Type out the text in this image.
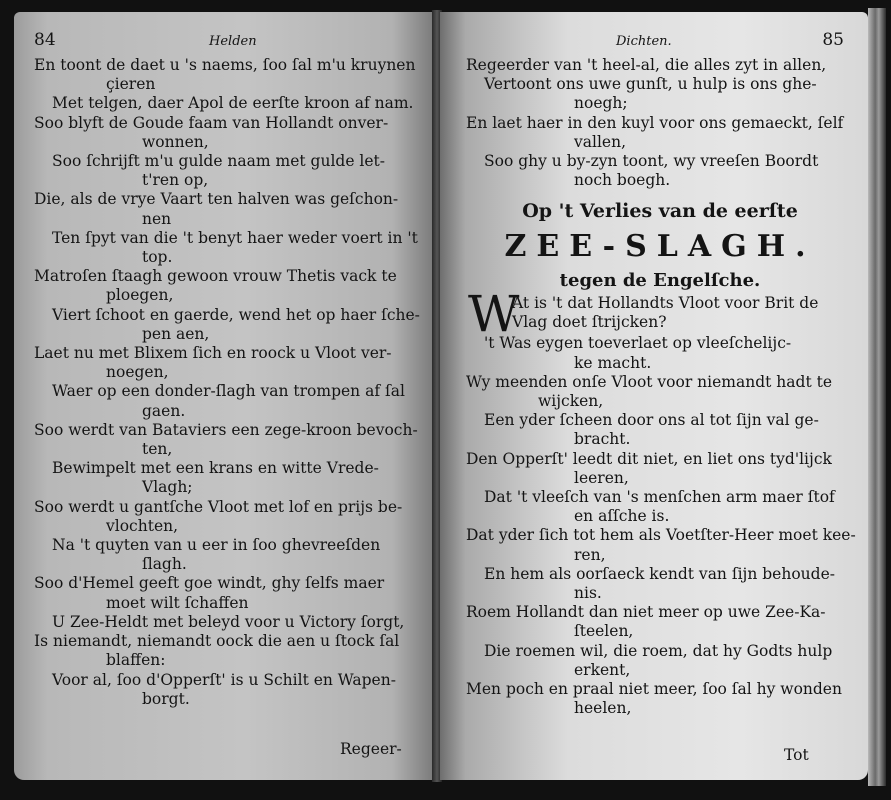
84	Helden
En toont de daet u 's naems, ſoo ſal m'u kruynen
çieren
Met telgen, daer Apol de eerſte kroon af nam.
Soo blyft de Goude faam van Hollandt onver-
wonnen,
Soo ſchrijft m'u gulde naam met gulde let-
t'ren op,
Die, als de vrye Vaart ten halven was geſchon-
nen
Ten ſpyt van die 't benyt haer weder voert in 't
top.
Matroſen ſtaagh gewoon vrouw Thetis vack te
ploegen,
Viert ſchoot en gaerde, wend het op haer ſche-
pen aen,
Laet nu met Blixem ſich en roock u Vloot ver-
noegen,
Waer op een donder-ſlagh van trompen af ſal
gaen.
Soo werdt van Bataviers een zege-kroon bevoch-
ten,
Bewimpelt met een krans en witte Vrede-
Vlagh;
Soo werdt u gantſche Vloot met lof en prijs be-
vlochten,
Na 't quyten van u eer in ſoo ghevreeſden
ſlagh.
Soo d'Hemel geeft goe windt, ghy ſelfs maer
moet wilt ſchaffen
U Zee-Heldt met beleyd voor u Victory ſorgt,
Is niemandt, niemandt oock die aen u ſtock ſal
blaffen:
Voor al, ſoo d'Opperſt' is u Schilt en Wapen-
borgt.
Regeer-
Dichten.	85
Regeerder van 't heel-al, die alles zyt in allen,
Vertoont ons uwe gunſt, u hulp is ons ghe-
noegh;
En laet haer in den kuyl voor ons gemaeckt, ſelf
vallen,
Soo ghy u by-zyn toont, wy vreeſen Boordt
noch boegh.
Op 't Verlies van de eerſte
ZEE-SLAGH.
tegen de Engelſche.
W
At is 't dat Hollandts Vloot voor Brit de
Vlag doet ſtrijcken?
't Was eygen toeverlaet op vleeſchelijc-
ke macht.
Wy meenden onſe Vloot voor niemandt hadt te
wijcken,
Een yder ſcheen door ons al tot ſijn val ge-
bracht.
Den Opperſt' leedt dit niet, en liet ons tyd'lijck
leeren,
Dat 't vleeſch van 's menſchen arm maer ſtof
en aſſche is.
Dat yder ſich tot hem als Voetſter-Heer moet kee-
ren,
En hem als oorſaeck kendt van ſijn behoude-
nis.
Roem Hollandt dan niet meer op uwe Zee-Ka-
ſteelen,
Die roemen wil, die roem, dat hy Godts hulp
erkent,
Men poch en praal niet meer, ſoo ſal hy wonden
heelen,
Tot
